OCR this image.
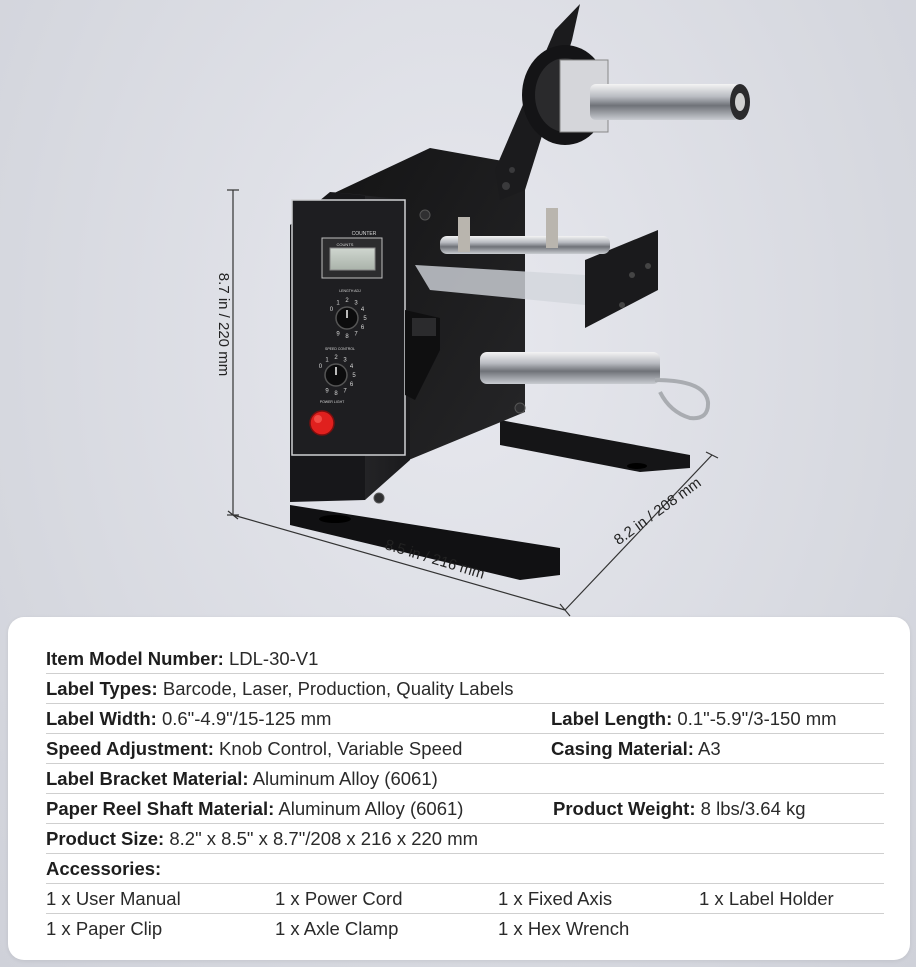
COUNTER
COUNTS
LENGTH ADJ
SPEED CONTROL
POWER LIGHT
0
1 2 3
4
5
6
7
8
9
0
1 2 3
4
5
6
7
8
9
8.7 in / 220 mm
8.5 in / 216 mm
8.2 in / 208 mm
Item Model Number: LDL-30-V1
Label Types: Barcode, Laser, Production, Quality Labels
Label Width: 0.6"-4.9"/15-125 mm	Label Length: 0.1"-5.9"/3-150 mm
Speed Adjustment: Knob Control, Variable Speed	Casing Material: A3
Label Bracket Material: Aluminum Alloy (6061)
Paper Reel Shaft Material: Aluminum Alloy (6061)	Product Weight: 8 lbs/3.64 kg
Product Size: 8.2" x 8.5" x 8.7"/208 x 216 x 220 mm
Accessories:
1 x User Manual	1 x Power Cord	1 x Fixed Axis	1 x Label Holder
1 x Paper Clip	1 x Axle Clamp	1 x Hex Wrench
